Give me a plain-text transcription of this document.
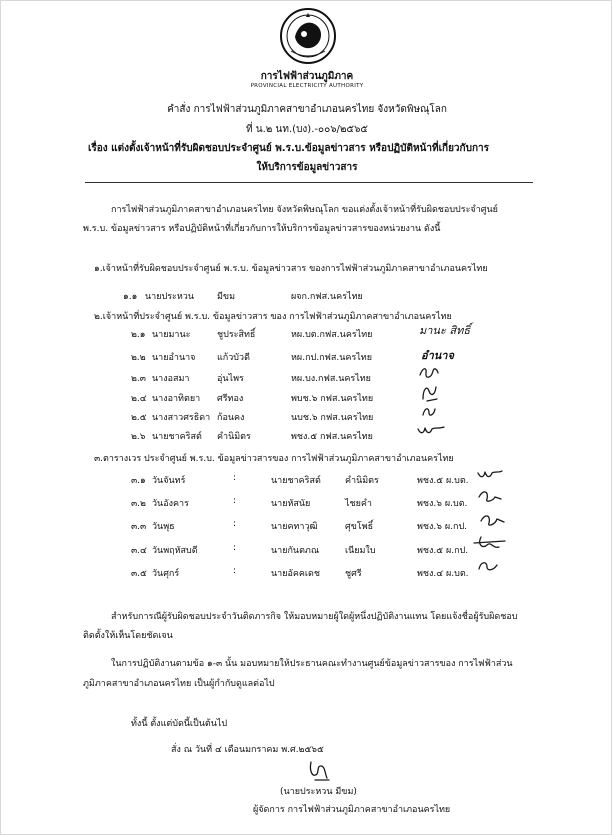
การไฟฟ้าส่วนภูมิภาค
PROVINCIAL ELECTRICITY AUTHORITY
คำสั่ง การไฟฟ้าส่วนภูมิภาคสาขาอำเภอนครไทย จังหวัดพิษณุโลก
ที่ น.๒ นท.(บง).-๐๐๖/๒๕๖๕
เรื่อง แต่งตั้งเจ้าหน้าที่รับผิดชอบประจำศูนย์ พ.ร.บ.ข้อมูลข่าวสาร หรือปฏิบัติหน้าที่เกี่ยวกับการ
ให้บริการข้อมูลข่าวสาร
การไฟฟ้าส่วนภูมิภาคสาขาอำเภอนครไทย จังหวัดพิษณุโลก ขอแต่งตั้งเจ้าหน้าที่รับผิดชอบประจำศูนย์
พ.ร.บ. ข้อมูลข่าวสาร หรือปฏิบัติหน้าที่เกี่ยวกับการให้บริการข้อมูลข่าวสารของหน่วยงาน ดังนี้
๑.เจ้าหน้าที่รับผิดชอบประจำศูนย์ พ.ร.บ. ข้อมูลข่าวสาร ของการไฟฟ้าส่วนภูมิภาคสาขาอำเภอนครไทย
๑.๑ นายประหวน	มีขม	ผจก.กฟส.นครไทย
๒.เจ้าหน้าที่ประจำศูนย์ พ.ร.บ. ข้อมูลข่าวสาร ของ การไฟฟ้าส่วนภูมิภาคสาขาอำเภอนครไทย
๒.๑ นายมานะ	ชูประสิทธิ์	หผ.บต.กฟส.นครไทย	มานะ สิทธิ์
๒.๒ นายอำนาจ แก้วบัวดี	หผ.กป.กฟส.นครไทย	อำนาจ
๒.๓ นางอสมา	อุ่นไพร	หผ.บง.กฟส.นครไทย
๒.๔ นางอาทิตยา ศรีทอง	พบช.๖ กฟส.นครไทย
๒.๕ นางสาวศรธิดา ก้อนคง	นบช.๖ กฟส.นครไทย
๒.๖ นายชาคริสต์ คำนิมิตร	พชง.๕ กฟส.นครไทย
๓.ตารางเวร ประจำศูนย์ พ.ร.บ. ข้อมูลข่าวสารของ การไฟฟ้าส่วนภูมิภาคสาขาอำเภอนครไทย
๓.๑ วันจันทร์	:	นายชาคริสต์	คำนิมิตร	พชง.๕ ผ.บต.
๓.๒ วันอังคาร	:	นายหัสนัย	ไชยคำ	พชง.๖ ผ.บต.
๓.๓ วันพุธ	:	นายคทาวุฒิ	ศุขโพธิ์	พชง.๖ ผ.กป.
๓.๔ วันพฤหัสบดี	:	นายกันตภณ	เนียมใบ	พชง.๕ ผ.กป.
๓.๕ วันศุกร์	:	นายอัคคเดช	ชูศรี	พชง.๔ ผ.บต.
สำหรับการณีผู้รับผิดชอบประจำวันติดภารกิจ ให้มอบหมายผู้ใดผู้หนึ่งปฏิบัติงานแทน โดยแจ้งชื่อผู้รับผิดชอบ
ติดตั้งให้เห็นโดยชัดเจน
ในการปฏิบัติงานตามข้อ ๑-๓ นั้น มอบหมายให้ประธานคณะทำงานศูนย์ข้อมูลข่าวสารของ การไฟฟ้าส่วน
ภูมิภาคสาขาอำเภอนครไทย เป็นผู้กำกับดูแลต่อไป
ทั้งนี้ ตั้งแต่บัดนี้เป็นต้นไป
สั่ง ณ วันที่ ๔ เดือนมกราคม พ.ศ.๒๕๖๕
(นายประหวน มีขม)
ผู้จัดการ การไฟฟ้าส่วนภูมิภาคสาขาอำเภอนครไทย
